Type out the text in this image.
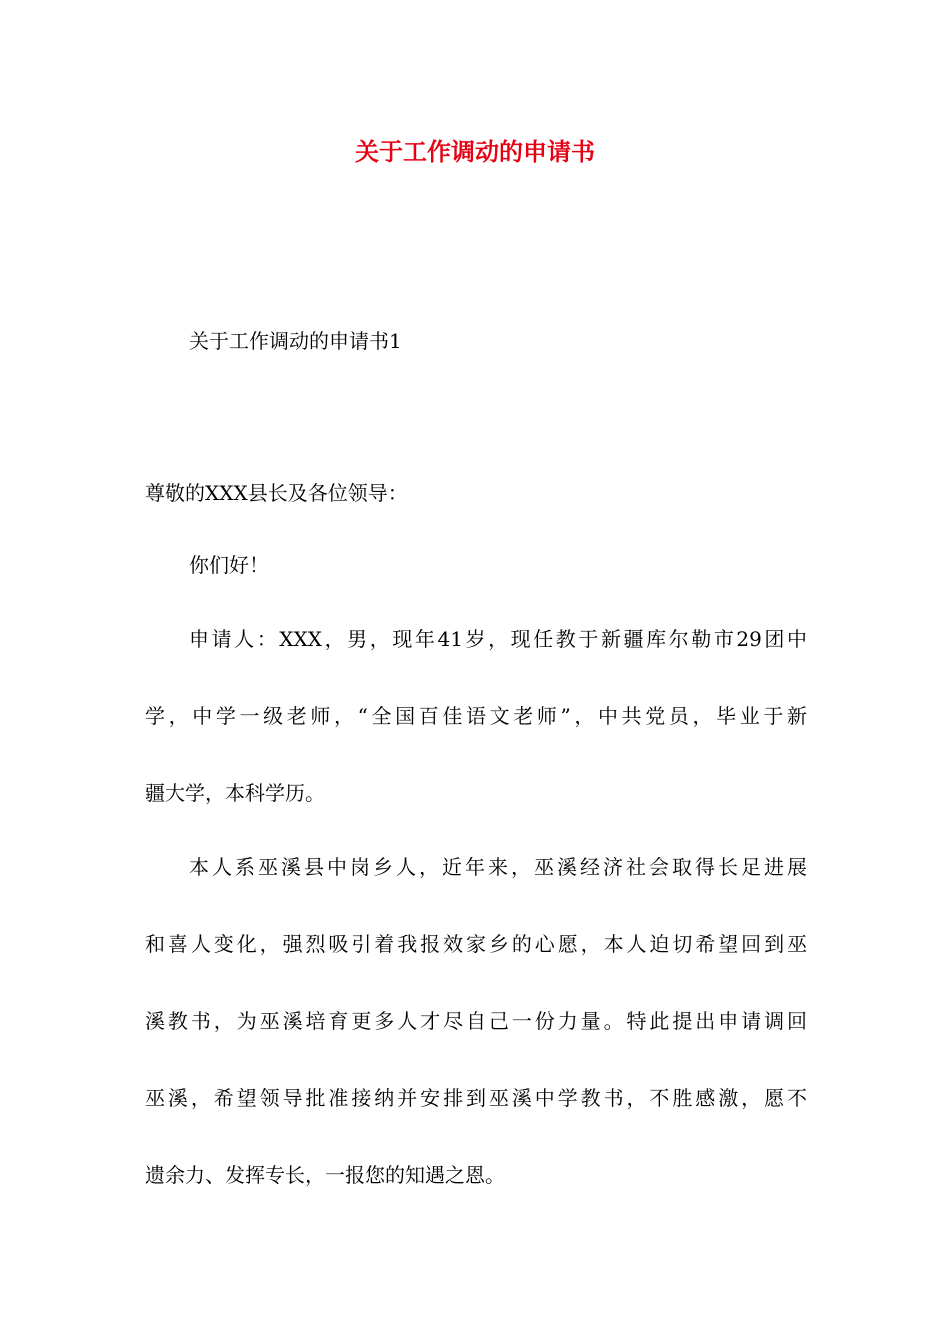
关于工作调动的申请书
关于工作调动的申请书1
尊敬的XXX县长及各位领导：
你们好！
申请人：XXX，男，现年41岁，现任教于新疆库尔勒市29团中
学，中学一级老师，“全国百佳语文老师”，中共党员，毕业于新
疆大学，本科学历。
本人系巫溪县中岗乡人，近年来，巫溪经济社会取得长足进展
和喜人变化，强烈吸引着我报效家乡的心愿，本人迫切希望回到巫
溪教书，为巫溪培育更多人才尽自己一份力量。特此提出申请调回
巫溪，希望领导批准接纳并安排到巫溪中学教书，不胜感激，愿不
遗余力、发挥专长，一报您的知遇之恩。
